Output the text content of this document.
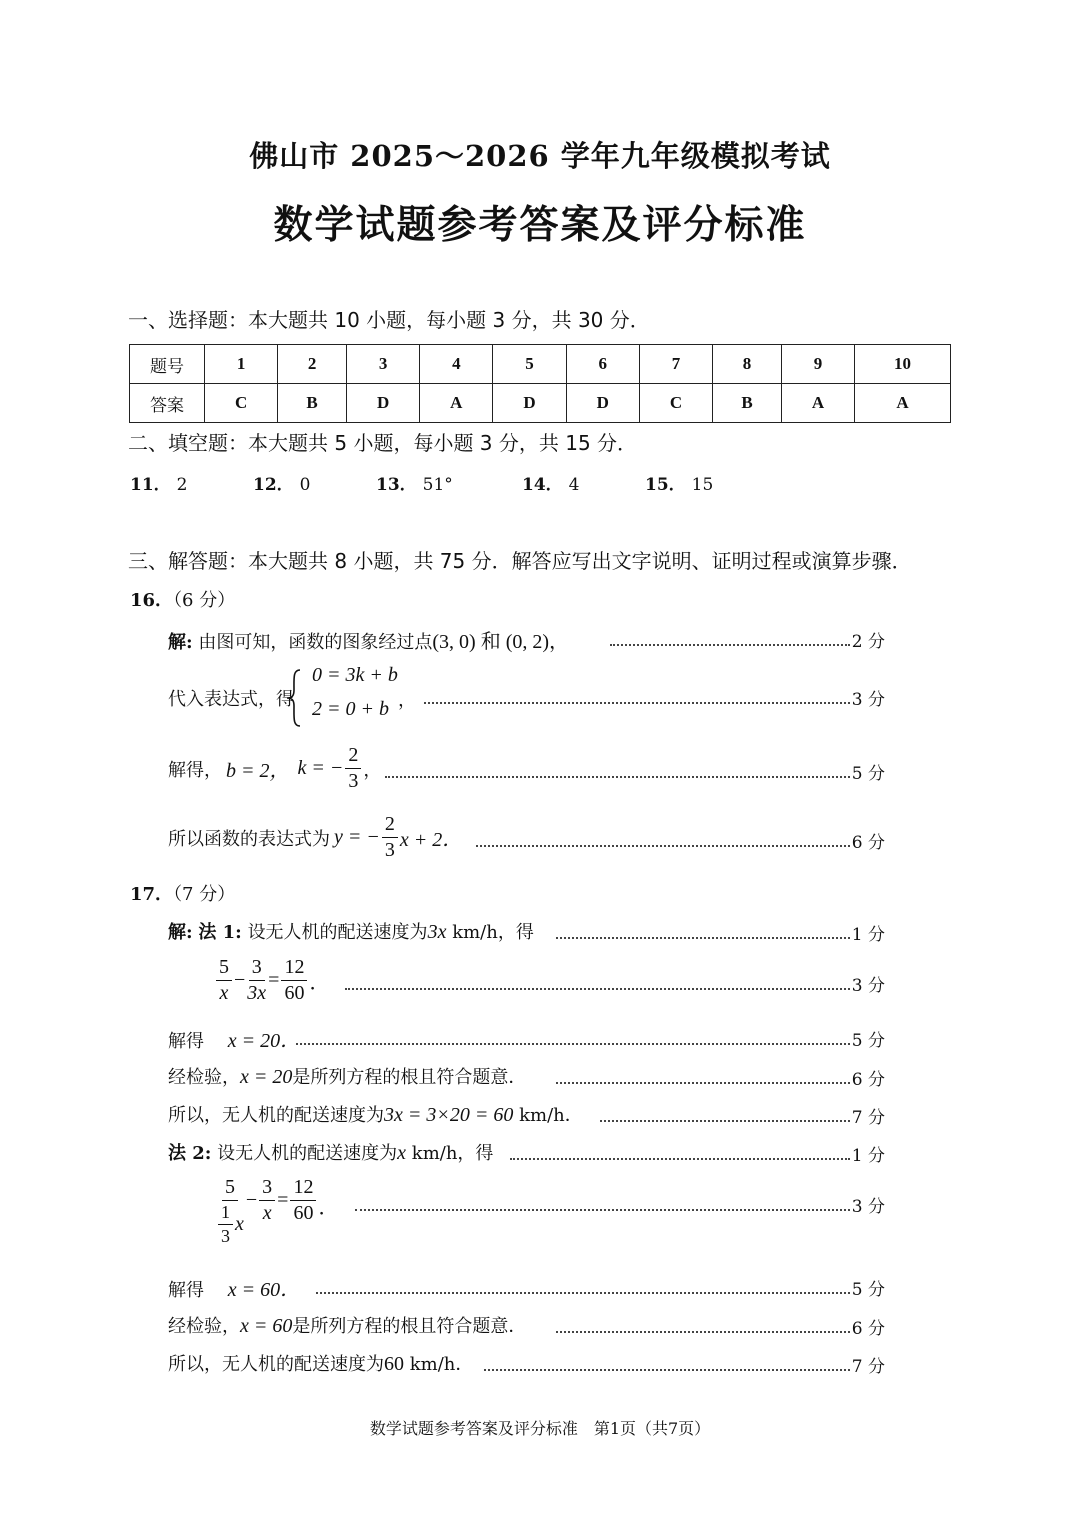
佛山市 2025～2026 学年九年级模拟考试
数学试题参考答案及评分标准
一、选择题：本大题共 10 小题，每小题 3 分，共 30 分．
题号	1	2	3	4	5	6	7	8	9	10
答案	C	B	D	A	D	D	C	B	A	A
二、填空题：本大题共 5 小题，每小题 3 分，共 15 分．
11． 2	12． 0	13． 51°	14． 4	15． 15
三、解答题：本大题共 8 小题，共 75 分．解答应写出文字说明、证明过程或演算步骤．
16．（6 分）
解: 由图可知，函数的图象经过点(3, 0) 和 (0, 2)，	2 分
代入表达式，得
0 = 3k + b
2 = 0 + b ，	3 分
解得， b = 2， k = − $\frac{2}{3}$ ，	5 分
所以函数的表达式为 y = − $\frac{2}{3}$ x + 2．	6 分
17．（7 分）
解: 法 1: 设无人机的配送速度为3x km/h，得	1 分
$\frac{5}{x} - \frac{3}{3x} = \frac{12}{60}$ ．	3 分
解得 x = 20．	5 分
经检验，x = 20是所列方程的根且符合题意．	6 分
所以，无人机的配送速度为3x = 3×20 = 60 km/h．	7 分
法 2: 设无人机的配送速度为x km/h，得	1 分
$\frac{5}{\frac{1}{3} x} - \frac{3}{x} = \frac{12}{60}$ ．	3 分
解得 x = 60．	5 分
经检验，x = 60是所列方程的根且符合题意．	6 分
所以，无人机的配送速度为60 km/h．	7 分
数学试题参考答案及评分标准　第1页（共7页）
